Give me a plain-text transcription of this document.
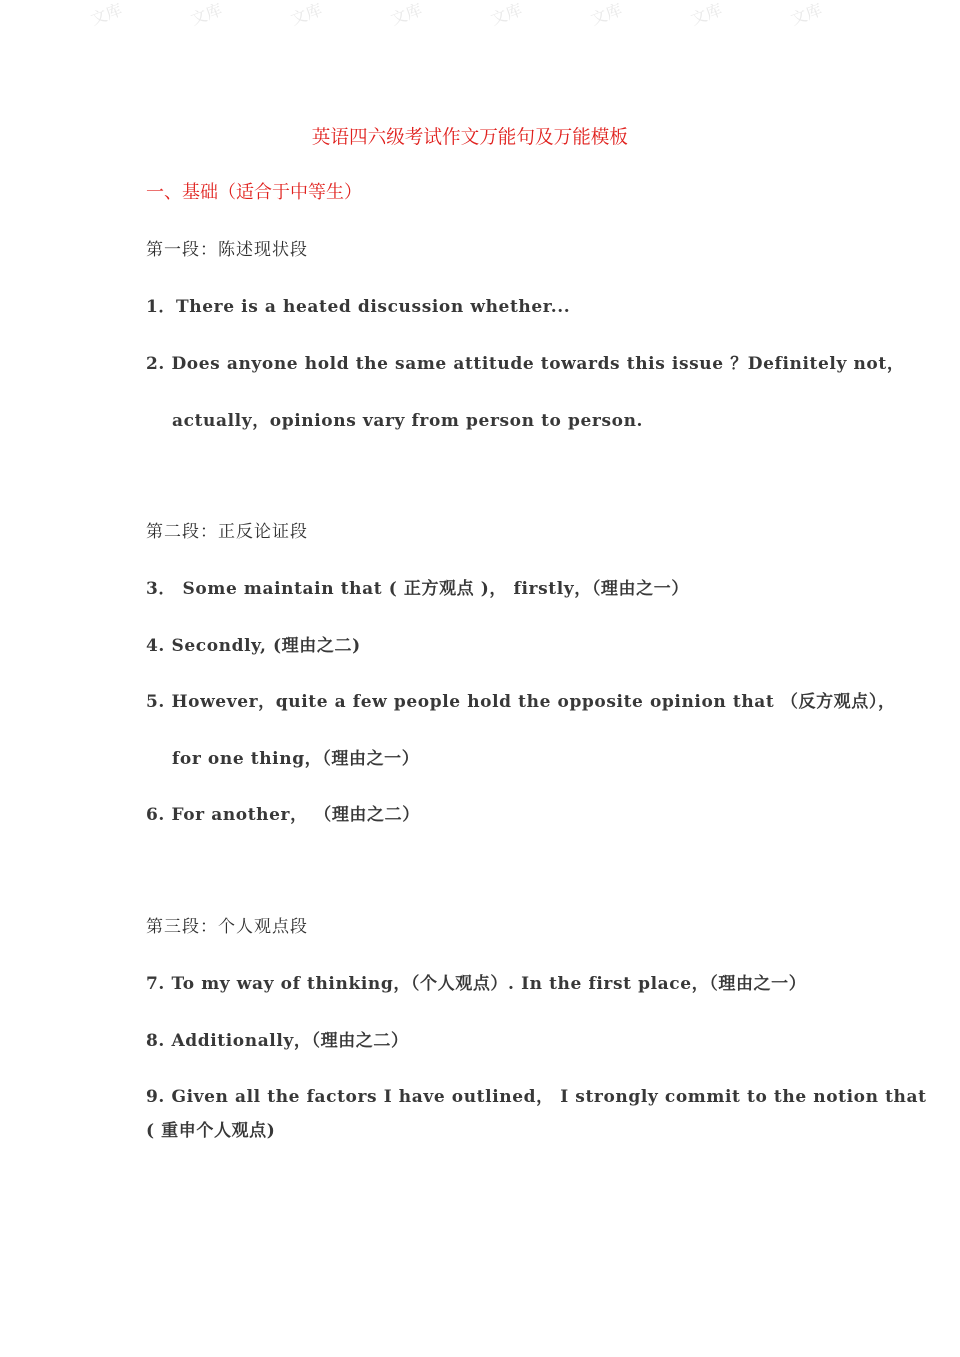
文库	文库	文库	文库	文库	文库	文库	文库
英语四六级考试作文万能句及万能模板
一、基础（适合于中等生）
第一段：陈述现状段
1．There is a heated discussion whether...
2. Does anyone hold the same attitude towards this issue ？Definitely not，
actually，opinions vary from person to person.
第二段：正反论证段
3． Some maintain that ( 正方观点 )， firstly，（理由之一）
4. Secondly, (理由之二)
5. However，quite a few people hold the opposite opinion that （反方观点），
for one thing，（理由之一）
6. For another， （理由之二）
第三段：个人观点段
7. To my way of thinking，（个人观点）. In the first place，（理由之一）
8. Additionally，（理由之二）
9. Given all the factors I have outlined， I strongly commit to the notion that
( 重申个人观点)
